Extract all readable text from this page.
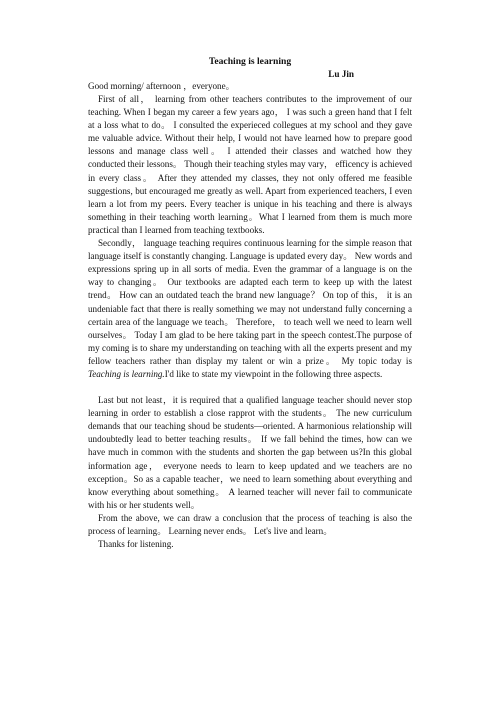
Teaching is learning
Lu Jin
Good morning/ afternoon ，everyone。

First of all， learning from other teachers contributes to the improvement of our teaching. When I began my career a few years ago， I was such a green hand that I felt at a loss what to do。 I consulted the experieced collegues at my school and they gave me valuable advice. Without their help, I would not have learned how to prepare good lessons and manage class well。 I attended their classes and watched how they conducted their lessons。 Though their teaching styles may vary， efficency is achieved in every class。 After they attended my classes, they not only offered me feasible suggestions, but encouraged me greatly as well. Apart from experienced teachers, I even learn a lot from my peers. Every teacher is unique in his teaching and there is always something in their teaching worth learning。What I learned from them is much more practical than I learned from teaching textbooks.

Secondly， language teaching requires continuous learning for the simple reason that language itself is constantly changing. Language is updated every day。 New words and expressions spring up in all sorts of media. Even the grammar of a language is on the way to changing。 Our textbooks are adapted each term to keep up with the latest trend。 How can an outdated teach the brand new language？ On top of this， it is an undeniable fact that there is really something we may not understand fully concerning a certain area of the language we teach。 Therefore， to teach well we need to learn well ourselves。 Today I am glad to be here taking part in the speech contest.The purpose of my coming is to share my understanding on teaching with all the experts present and my fellow teachers rather than display my talent or win a prize。 My topic today is Teaching is learning.I'd like to state my viewpoint in the following three aspects.

Last but not least，it is required that a qualified language teacher should never stop learning in order to establish a close rapprot with the students。 The new curriculum demands that our teaching shoud be students—oriented. A harmonious relationship will undoubtedly lead to better teaching results。 If we fall behind the times, how can we have much in common with the students and shorten the gap between us?In this global information age， everyone needs to learn to keep updated and we teachers are no exception。So as a capable teacher，we need to learn something about everything and know everything about something。 A learned teacher will never fail to communicate with his or her students well。

From the above, we can draw a conclusion that the process of teaching is also the process of learning。 Learning never ends。 Let's live and learn。

Thanks for listening.
